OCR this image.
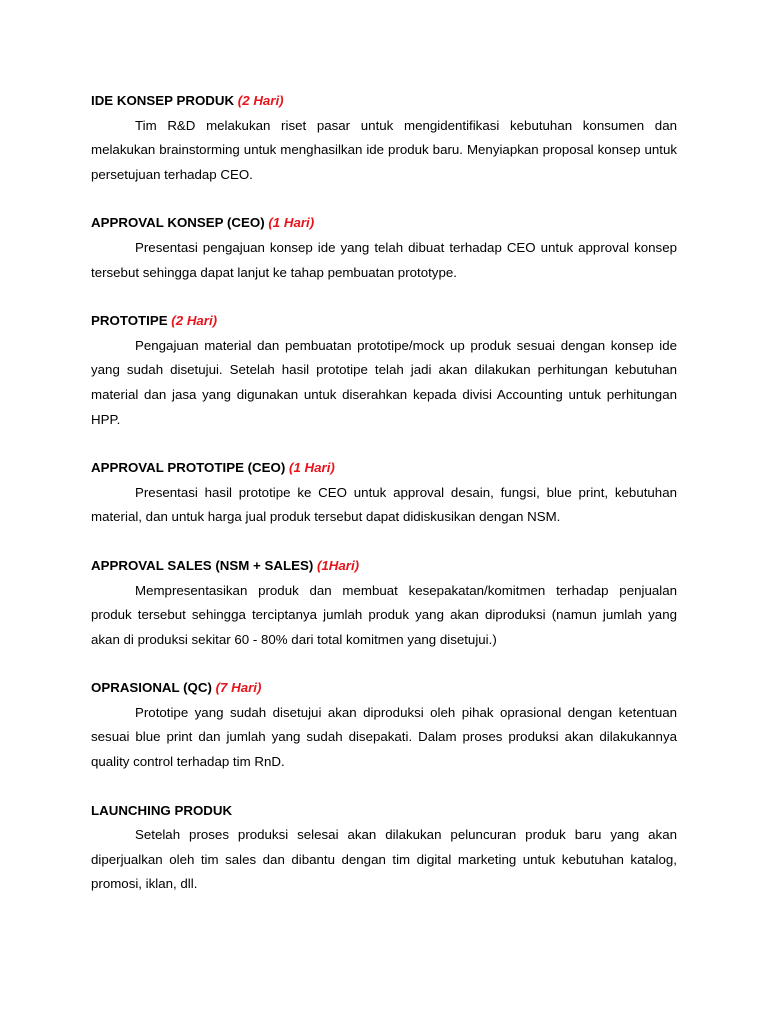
IDE KONSEP PRODUK (2 Hari)

Tim R&D melakukan riset pasar untuk mengidentifikasi kebutuhan konsumen dan melakukan brainstorming untuk menghasilkan ide produk baru. Menyiapkan proposal konsep untuk persetujuan terhadap CEO.

APPROVAL KONSEP (CEO) (1 Hari)

Presentasi pengajuan konsep ide yang telah dibuat terhadap CEO untuk approval konsep tersebut sehingga dapat lanjut ke tahap pembuatan prototype.

PROTOTIPE (2 Hari)

Pengajuan material dan pembuatan prototipe/mock up produk sesuai dengan konsep ide yang sudah disetujui. Setelah hasil prototipe telah jadi akan dilakukan perhitungan kebutuhan material dan jasa yang digunakan untuk diserahkan kepada divisi Accounting untuk perhitungan HPP.

APPROVAL PROTOTIPE (CEO) (1 Hari)

Presentasi hasil prototipe ke CEO untuk approval desain, fungsi, blue print, kebutuhan material, dan untuk harga jual produk tersebut dapat didiskusikan dengan NSM.

APPROVAL SALES (NSM + SALES) (1Hari)

Mempresentasikan produk dan membuat kesepakatan/komitmen terhadap penjualan produk tersebut sehingga terciptanya jumlah produk yang akan diproduksi (namun jumlah yang akan di produksi sekitar 60 - 80% dari total komitmen yang disetujui.)

OPRASIONAL (QC) (7 Hari)

Prototipe yang sudah disetujui akan diproduksi oleh pihak oprasional dengan ketentuan sesuai blue print dan jumlah yang sudah disepakati. Dalam proses produksi akan dilakukannya quality control terhadap tim RnD.

LAUNCHING PRODUK

Setelah proses produksi selesai akan dilakukan peluncuran produk baru yang akan diperjualkan oleh tim sales dan dibantu dengan tim digital marketing untuk kebutuhan katalog, promosi, iklan, dll.
